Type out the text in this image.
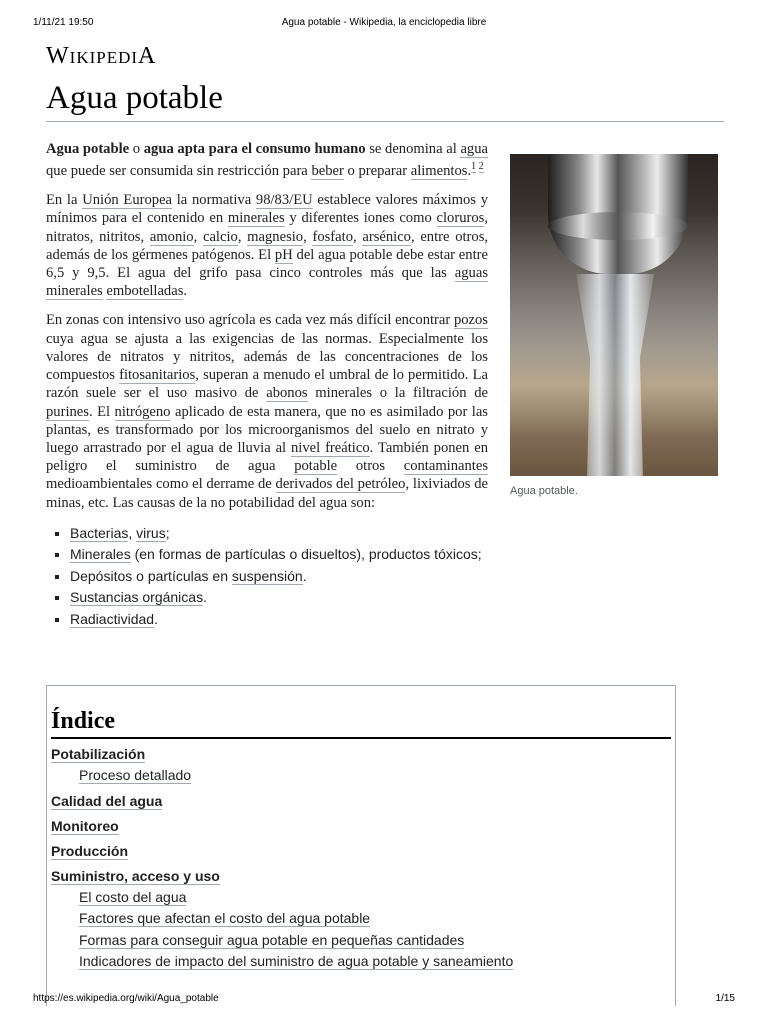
1/11/21 19:50	Agua potable - Wikipedia, la enciclopedia libre
WIKIPEDIA
Agua potable
Agua potable.

Agua potable o agua apta para el consumo humano se denomina al agua que puede ser consumida sin restricción para beber o preparar alimentos.$^{1 2}$

En la Unión Europea la normativa 98/83/EU establece valores máximos y mínimos para el contenido en minerales y diferentes iones como cloruros, nitratos, nitritos, amonio, calcio, magnesio, fosfato, arsénico, entre otros, además de los gérmenes patógenos. El pH del agua potable debe estar entre 6,5 y 9,5. El agua del grifo pasa cinco controles más que las aguas minerales embotelladas.

En zonas con intensivo uso agrícola es cada vez más difícil encontrar pozos cuya agua se ajusta a las exigencias de las normas. Especialmente los valores de nitratos y nitritos, además de las concentraciones de los compuestos fitosanitarios, superan a menudo el umbral de lo permitido. La razón suele ser el uso masivo de abonos minerales o la filtración de purines. El nitrógeno aplicado de esta manera, que no es asimilado por las plantas, es transformado por los microorganismos del suelo en nitrato y luego arrastrado por el agua de lluvia al nivel freático. También ponen en peligro el suministro de agua potable otros contaminantes medioambientales como el derrame de derivados del petróleo, lixiviados de minas, etc. Las causas de la no potabilidad del agua son:

▪ Bacterias, virus;
▪ Minerales (en formas de partículas o disueltos), productos tóxicos;
▪ Depósitos o partículas en suspensión.
▪ Sustancias orgánicas.
▪ Radiactividad.
Índice
Potabilización
Proceso detallado
Calidad del agua
Monitoreo
Producción
Suministro, acceso y uso
El costo del agua
Factores que afectan el costo del agua potable
Formas para conseguir agua potable en pequeñas cantidades
Indicadores de impacto del suministro de agua potable y saneamiento
https://es.wikipedia.org/wiki/Agua_potable	1/15
